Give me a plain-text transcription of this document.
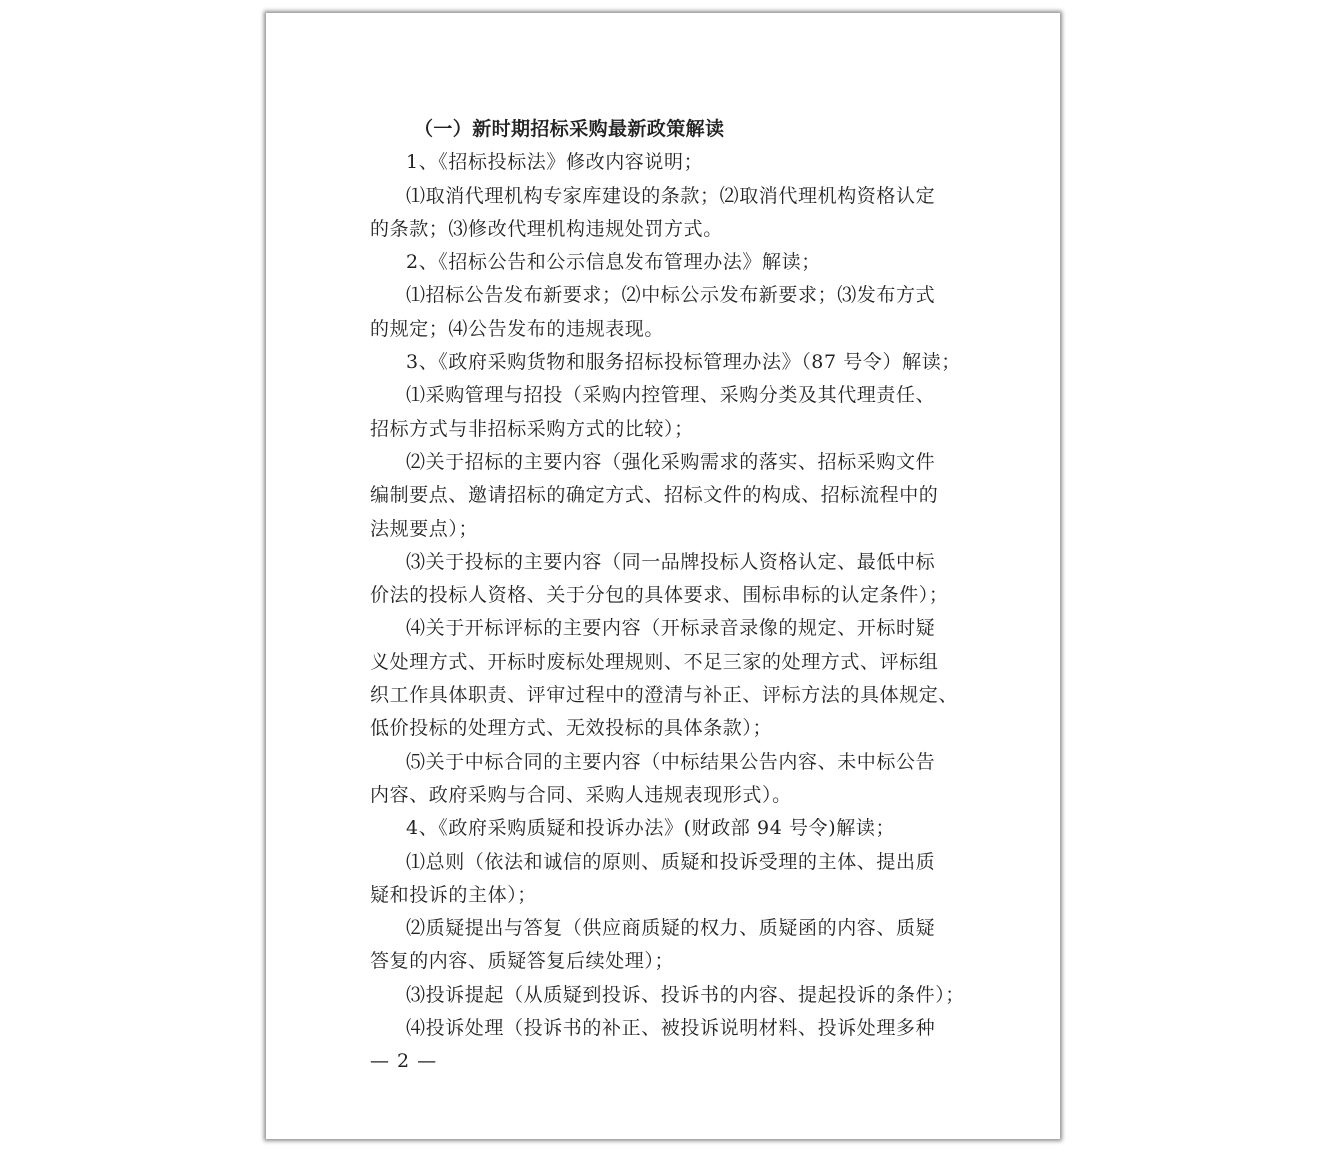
（一）新时期招标采购最新政策解读
1、《招标投标法》修改内容说明；
⑴取消代理机构专家库建设的条款；⑵取消代理机构资格认定
的条款；⑶修改代理机构违规处罚方式。
2、《招标公告和公示信息发布管理办法》解读；
⑴招标公告发布新要求；⑵中标公示发布新要求；⑶发布方式
的规定；⑷公告发布的违规表现。
3、《政府采购货物和服务招标投标管理办法》（87 号令）解读；
⑴采购管理与招投（采购内控管理、采购分类及其代理责任、
招标方式与非招标采购方式的比较）；
⑵关于招标的主要内容（强化采购需求的落实、招标采购文件
编制要点、邀请招标的确定方式、招标文件的构成、招标流程中的
法规要点）；
⑶关于投标的主要内容（同一品牌投标人资格认定、最低中标
价法的投标人资格、关于分包的具体要求、围标串标的认定条件）；
⑷关于开标评标的主要内容（开标录音录像的规定、开标时疑
义处理方式、开标时废标处理规则、不足三家的处理方式、评标组
织工作具体职责、评审过程中的澄清与补正、评标方法的具体规定、
低价投标的处理方式、无效投标的具体条款）；
⑸关于中标合同的主要内容（中标结果公告内容、未中标公告
内容、政府采购与合同、采购人违规表现形式）。
4、《政府采购质疑和投诉办法》(财政部 94 号令)解读；
⑴总则（依法和诚信的原则、质疑和投诉受理的主体、提出质
疑和投诉的主体）；
⑵质疑提出与答复（供应商质疑的权力、质疑函的内容、质疑
答复的内容、质疑答复后续处理）；
⑶投诉提起（从质疑到投诉、投诉书的内容、提起投诉的条件）；
⑷投诉处理（投诉书的补正、被投诉说明材料、投诉处理多种
— 2 —
